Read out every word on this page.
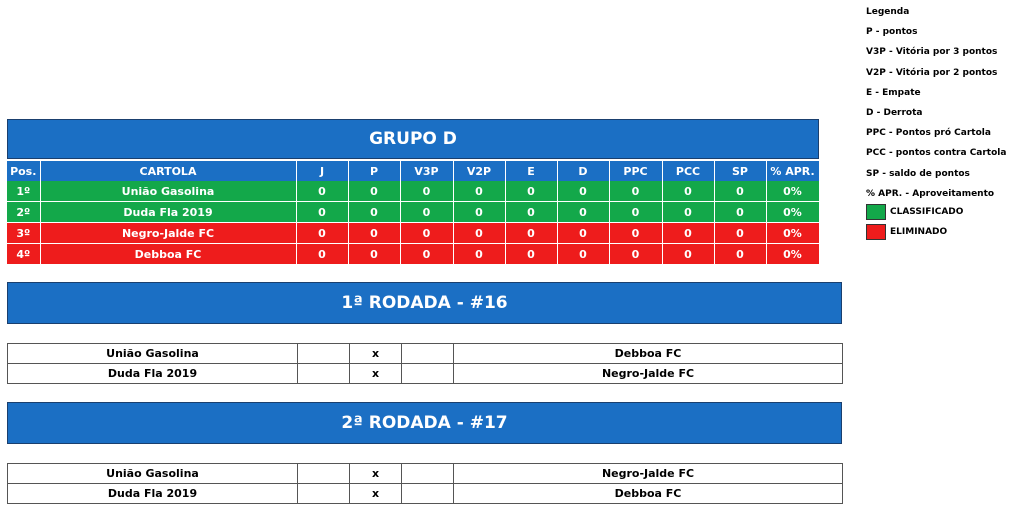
GRUPO D
Pos.	CARTOLA	J	P	V3P	V2P	E	D	PPC	PCC	SP	% APR.
1º	União Gasolina	0	0	0	0	0	0	0	0	0	0%
2º	Duda Fla 2019	0	0	0	0	0	0	0	0	0	0%
3º	Negro-Jalde FC	0	0	0	0	0	0	0	0	0	0%
4º	Debboa FC	0	0	0	0	0	0	0	0	0	0%
1ª RODADA - #16
União Gasolina		x		Debboa FC
Duda Fla 2019		x		Negro-Jalde FC
2ª RODADA - #17
União Gasolina		x		Negro-Jalde FC
Duda Fla 2019		x		Debboa FC
Legenda
P - pontos
V3P - Vitória por 3 pontos
V2P - Vitória por 2 pontos
E - Empate
D - Derrota
PPC - Pontos pró Cartola
PCC - pontos contra Cartola
SP - saldo de pontos
% APR. - Aproveitamento
CLASSIFICADO
ELIMINADO
